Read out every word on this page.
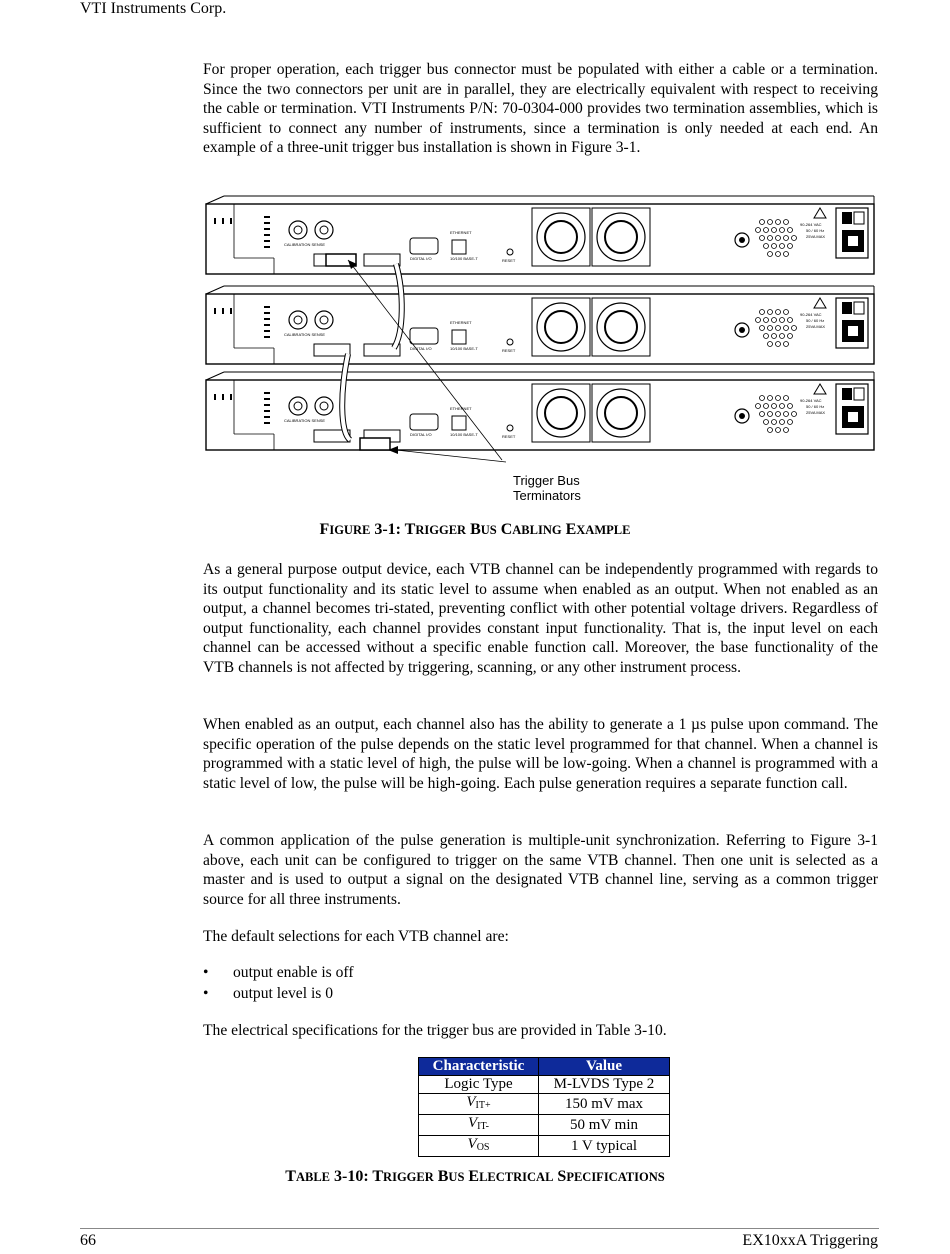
VTI Instruments Corp.

For proper operation, each trigger bus connector must be populated with either a cable or a termination. Since the two connectors per unit are in parallel, they are electrically equivalent with respect to receiving the cable or termination. VTI Instruments P/N: 70-0304-000 provides two termination assemblies, which is sufficient to connect any number of instruments, since a termination is only needed at each end. An example of a three-unit trigger bus installation is shown in Figure 3-1.

Trigger Bus
Terminators
FIGURE 3-1: TRIGGER BUS CABLING EXAMPLE

As a general purpose output device, each VTB channel can be independently programmed with regards to its output functionality and its static level to assume when enabled as an output. When not enabled as an output, a channel becomes tri-stated, preventing conflict with other potential voltage drivers. Regardless of output functionality, each channel provides constant input functionality. That is, the input level on each channel can be accessed without a specific enable function call. Moreover, the base functionality of the VTB channels is not affected by triggering, scanning, or any other instrument process.

When enabled as an output, each channel also has the ability to generate a 1 µs pulse upon command. The specific operation of the pulse depends on the static level programmed for that channel. When a channel is programmed with a static level of high, the pulse will be low-going. When a channel is programmed with a static level of low, the pulse will be high-going. Each pulse generation requires a separate function call.

A common application of the pulse generation is multiple-unit synchronization. Referring to Figure 3-1 above, each unit can be configured to trigger on the same VTB channel. Then one unit is selected as a master and is used to output a signal on the designated VTB channel line, serving as a common trigger source for all three instruments.

The default selections for each VTB channel are:

• output enable is off
• output level is 0

The electrical specifications for the trigger bus are provided in Table 3-10.

Characteristic	Value
Logic Type	M-LVDS Type 2
$V_{IT+}$	150 mV max
$V_{IT-}$	50 mV min
$V_{OS}$	1 V typical
TABLE 3-10: TRIGGER BUS ELECTRICAL SPECIFICATIONS
66	EX10xxA Triggering
